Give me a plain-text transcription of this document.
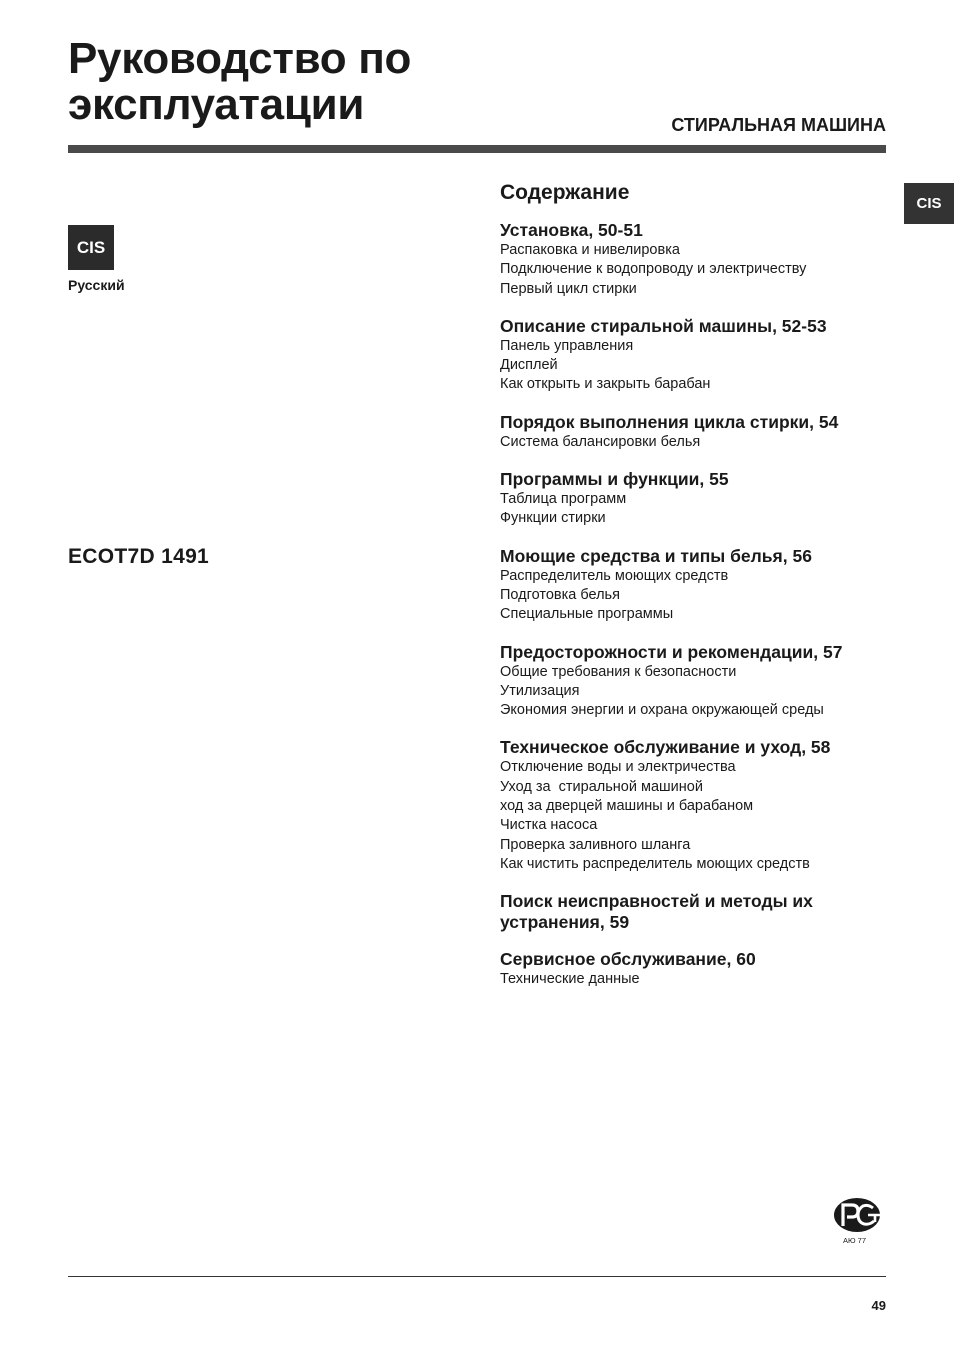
Руководство по
эксплуатации	СТИРАЛЬНАЯ МАШИНА
CIS
Русский
ECOT7D 1491
CIS
Содержание
Установка, 50-51
Распаковка и нивелировка
Подключение к водопроводу и электричеству
Первый цикл стирки
Описание стиральной машины, 52-53
Панель управления
Дисплей
Как открыть и закрыть барабан
Порядок выполнения цикла стирки, 54
Система балансировки белья
Программы и функции, 55
Таблица программ
Функции стирки
Моющие средства и типы белья, 56
Распределитель моющих средств
Подготовка белья
Специальные программы
Предосторожности и рекомендации, 57
Общие требования к безопасности
Утилизация
Экономия энергии и охрана окружающей среды
Техническое обслуживание и уход, 58
Отключение воды и электричества
Уход за  стиральной машиной
ход за дверцей машины и барабаном
Чистка насоса
Проверка заливного шланга
Как чистить распределитель моющих средств
Поиск неисправностей и методы их
устранения, 59
Сервисное обслуживание, 60
Технические данные
АЮ 77
49
